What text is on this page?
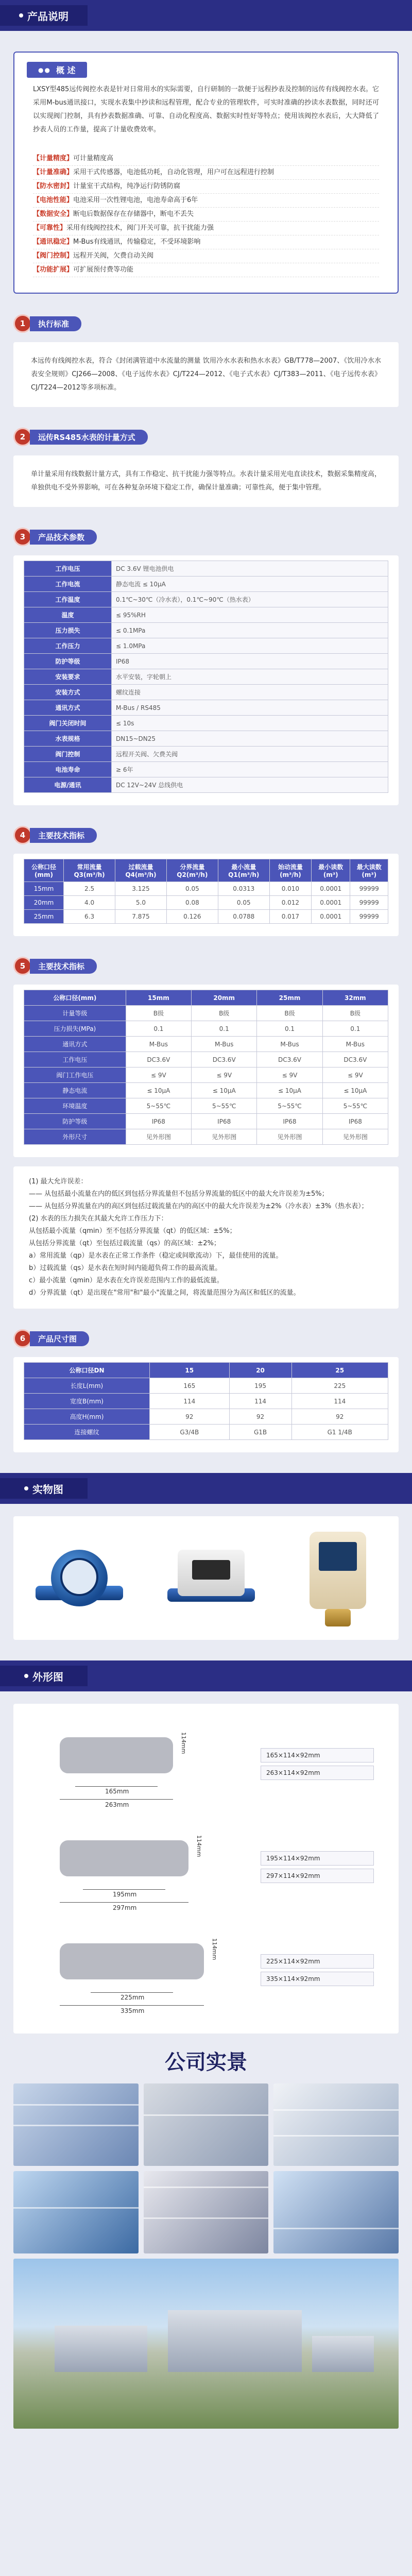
产品说明
●● 概 述

LXSY型485远传阀控水表是针对日常用水的实际需要，自行研制的一款便于远程抄表及控制的远传有线阀控水表。它采用M-bus通讯接口，实现水表集中抄读和远程管理，配合专业的管理软件，可实时准确的抄读水表数据，同时还可以实现阀门控制，具有抄表数据准确、可靠、自动化程度高、数据实时性好等特点；使用该阀控水表后，大大降低了抄表人员的工作量，提高了计量收费效率。

【计量精度】可计量精度高
【计量准确】采用干式传感器，电池低功耗，自动化管理，用户可在远程进行控制
【防水密封】计量室干式结构，纯净运行防锈防腐
【电池性能】电池采用一次性锂电池，电池寿命高于6年
【数据安全】断电后数据保存在存储器中，断电不丢失
【可靠性】采用有线阀控技术，阀门开关可靠，抗干扰能力强
【通讯稳定】M-Bus有线通讯，传输稳定，不受环境影响
【阀门控制】远程开关阀，欠费自动关阀
【功能扩展】可扩展预付费等功能
1	执行标准
本远传有线阀控水表，符合《封闭满管道中水流量的测量 饮用冷水水表和热水水表》GB/T778—2007、《饮用冷水水表安全规则》CJ266—2008、《电子远传水表》CJ/T224—2012、《电子式水表》CJ/T383—2011、《电子远传水表》CJ/T224—2012等多项标准。
2	远传RS485水表的计量方式
单计量采用有线数据计量方式，具有工作稳定、抗干扰能力强等特点。水表计量采用光电直读技术，数据采集精度高，单独供电不受外界影响，可在各种复杂环境下稳定工作，确保计量准确；可靠性高，便于集中管理。
3	产品技术参数
工作电压	DC 3.6V 锂电池供电
工作电流	静态电流 ≤ 10μA
工作温度	0.1℃~30℃（冷水表），0.1℃~90℃（热水表）
温度	≤ 95%RH
压力损失	≤ 0.1MPa
工作压力	≤ 1.0MPa
防护等级	IP68
安装要求	水平安装，字轮朝上
安装方式	螺纹连接
通讯方式	M-Bus / RS485
阀门关闭时间	≤ 10s
水表规格	DN15~DN25
阀门控制	远程开关阀、欠费关阀
电池寿命	≥ 6年
电源/通讯	DC 12V~24V 总线供电
4	主要技术指标
公称口径(mm)	常用流量Q3(m³/h)	过载流量Q4(m³/h)	分界流量Q2(m³/h)	最小流量Q1(m³/h)	始动流量(m³/h)	最小读数(m³)	最大读数(m³)
15mm	2.5	3.125	0.05	0.0313	0.010	0.0001	99999
20mm	4.0	5.0	0.08	0.05	0.012	0.0001	99999
25mm	6.3	7.875	0.126	0.0788	0.017	0.0001	99999
5	主要技术指标
公称口径(mm)	15mm	20mm	25mm	32mm
计量等级	B级	B级	B级	B级
压力损失(MPa)	0.1	0.1	0.1	0.1
通讯方式	M-Bus	M-Bus	M-Bus	M-Bus
工作电压	DC3.6V	DC3.6V	DC3.6V	DC3.6V
阀门工作电压	≤ 9V	≤ 9V	≤ 9V	≤ 9V
静态电流	≤ 10μA	≤ 10μA	≤ 10μA	≤ 10μA
环境温度	5~55℃	5~55℃	5~55℃	5~55℃
防护等级	IP68	IP68	IP68	IP68
外形尺寸	见外形图	见外形图	见外形图	见外形图

(1) 最大允许误差：

—— 从包括最小流量在内的低区到包括分界流量但不包括分界流量的低区中的最大允许误差为±5%；

—— 从包括分界流量在内的高区到包括过载流量在内的高区中的最大允许误差为±2%（冷水表）±3%（热水表）；

(2) 水表的压力损失在其最大允许工作压力下：

从包括最小流量（qmin）至不包括分界流量（qt）的低区域：±5%；

从包括分界流量（qt）至包括过载流量（qs）的高区域：±2%；

a）常用流量（qp）是水表在正常工作条件（稳定或间歇流动）下，最佳使用的流量。

b）过载流量（qs）是水表在短时间内能超负荷工作的最高流量。

c）最小流量（qmin）是水表在允许误差范围内工作的最低流量。

d）分界流量（qt）是出现在"常用"和"最小"流量之间，将流量范围分为高区和低区的流量。

6	产品尺寸图
公称口径DN	15	20	25
长度L(mm)	165	195	225
宽度B(mm)	114	114	114
高度H(mm)	92	92	92
连接螺纹	G3/4B	G1B	G1 1/4B
实物图
外形图
165mm
263mm
114mm
165×114×92mm
263×114×92mm
195mm
297mm
114mm
195×114×92mm
297×114×92mm
225mm
335mm
114mm
225×114×92mm
335×114×92mm
公司实景
